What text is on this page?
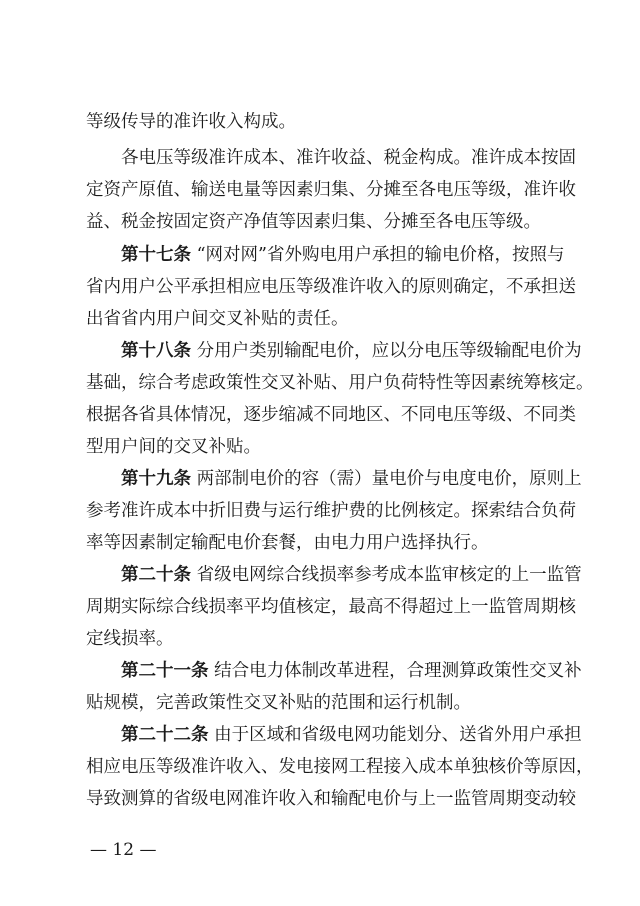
等级传导的准许收入构成。
各电压等级准许成本、准许收益、税金构成。准许成本按固
定资产原值、输送电量等因素归集、分摊至各电压等级，准许收
益、税金按固定资产净值等因素归集、分摊至各电压等级。
第十七条 “网对网”省外购电用户承担的输电价格，按照与
省内用户公平承担相应电压等级准许收入的原则确定，不承担送
出省省内用户间交叉补贴的责任。
第十八条 分用户类别输配电价，应以分电压等级输配电价为
基础，综合考虑政策性交叉补贴、用户负荷特性等因素统筹核定。
根据各省具体情况，逐步缩减不同地区、不同电压等级、不同类
型用户间的交叉补贴。
第十九条 两部制电价的容（需）量电价与电度电价，原则上
参考准许成本中折旧费与运行维护费的比例核定。探索结合负荷
率等因素制定输配电价套餐，由电力用户选择执行。
第二十条 省级电网综合线损率参考成本监审核定的上一监管
周期实际综合线损率平均值核定，最高不得超过上一监管周期核
定线损率。
第二十一条 结合电力体制改革进程，合理测算政策性交叉补
贴规模，完善政策性交叉补贴的范围和运行机制。
第二十二条 由于区域和省级电网功能划分、送省外用户承担
相应电压等级准许收入、发电接网工程接入成本单独核价等原因，
导致测算的省级电网准许收入和输配电价与上一监管周期变动较
— 12 —
